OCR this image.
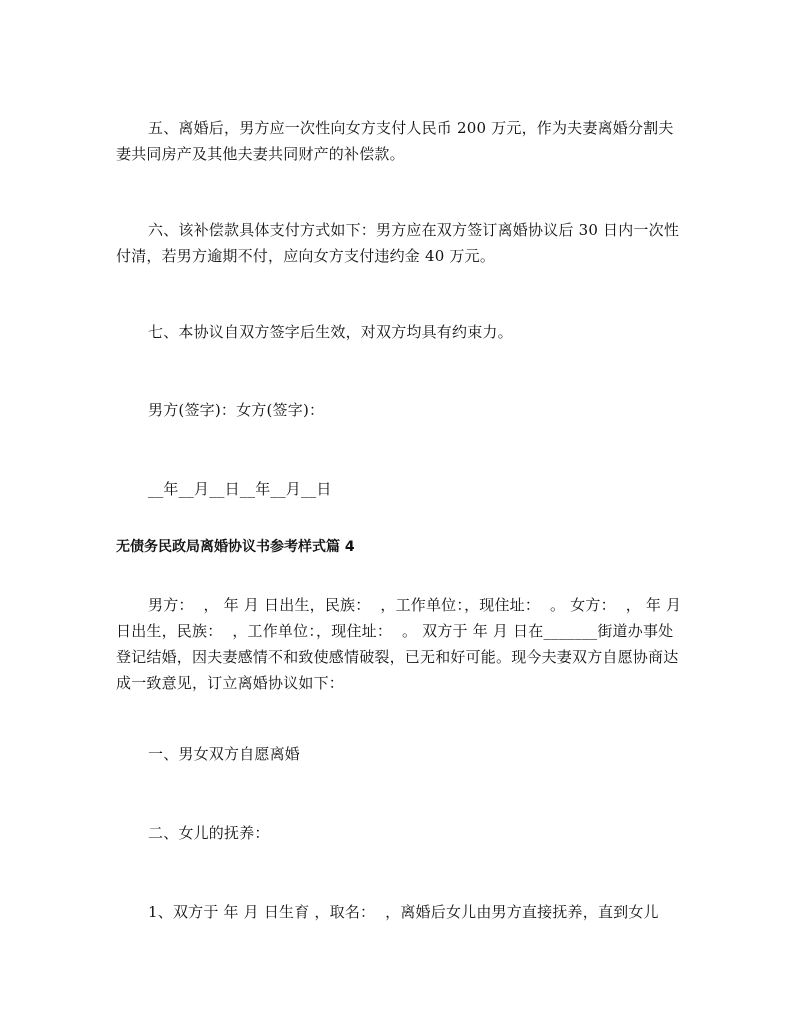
五、离婚后，男方应一次性向女方支付人民币 200 万元，作为夫妻离婚分割夫妻共同房产及其他夫妻共同财产的补偿款。

六、该补偿款具体支付方式如下：男方应在双方签订离婚协议后 30 日内一次性付清，若男方逾期不付，应向女方支付违约金 40 万元。

七、本协议自双方签字后生效，对双方均具有约束力。

男方(签字)：女方(签字)：

__年__月__日__年__月__日

无债务民政局离婚协议书参考样式篇 4

男方：  ， 年 月 日出生，民族：  ，工作单位：，现住址：  。 女方：  ， 年 月 日出生，民族：  ，工作单位：，现住址：  。 双方于 年 月 日在_______街道办事处登记结婚，因夫妻感情不和致使感情破裂，已无和好可能。现今夫妻双方自愿协商达成一致意见，订立离婚协议如下：

一、男女双方自愿离婚

二、女儿的抚养：

1、双方于 年 月 日生育 ，取名：  ，离婚后女儿由男方直接抚养，直到女儿
